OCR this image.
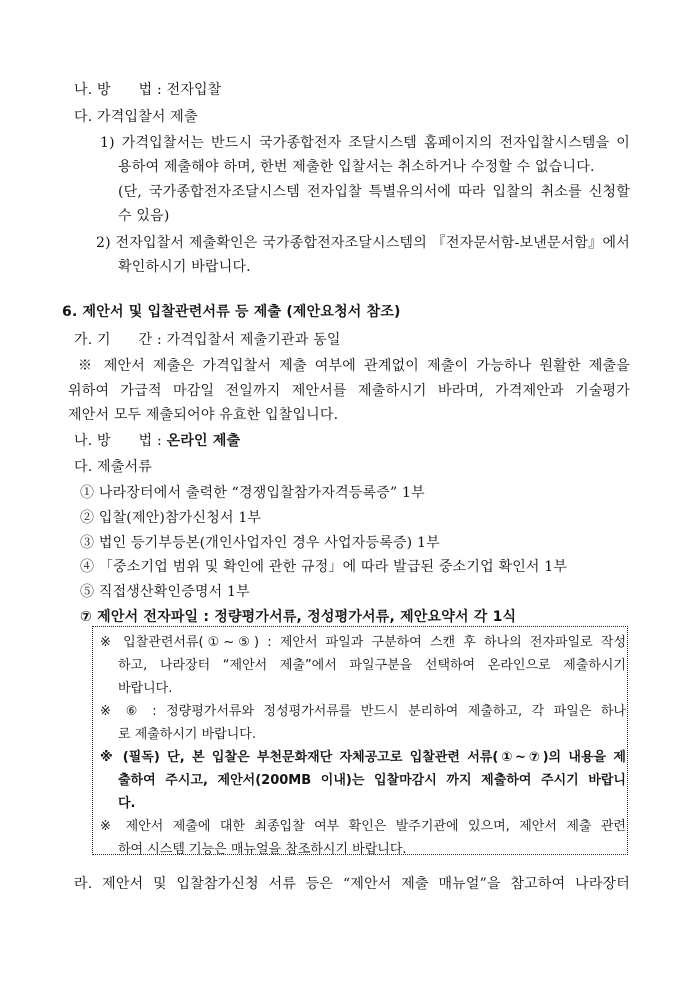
나. 방      법 : 전자입찰
다. 가격입찰서 제출
1) 가격입찰서는 반드시 국가종합전자 조달시스템 홈페이지의 전자입찰시스템을 이
용하여 제출해야 하며, 한번 제출한 입찰서는 취소하거나 수정할 수 없습니다.
(단, 국가종합전자조달시스템 전자입찰 특별유의서에 따라 입찰의 취소를 신청할
수 있음)
2) 전자입찰서 제출확인은 국가종합전자조달시스템의 『전자문서함-보낸문서함』에서
확인하시기 바랍니다.
6. 제안서 및 입찰관련서류 등 제출 (제안요청서 참조)
가. 기      간 : 가격입찰서 제출기관과 동일
※ 제안서 제출은 가격입찰서 제출 여부에 관계없이 제출이 가능하나 원활한 제출을
위하여 가급적 마감일 전일까지 제안서를 제출하시기 바라며, 가격제안과 기술평가
제안서 모두 제출되어야 유효한 입찰입니다.
나. 방      법 : 온라인 제출
다. 제출서류
① 나라장터에서 출력한 “경쟁입찰참가자격등록증” 1부
② 입찰(제안)참가신청서 1부
③ 법인 등기부등본(개인사업자인 경우 사업자등록증) 1부
④ 「중소기업 범위 및 확인에 관한 규정」에 따라 발급된 중소기업 확인서 1부
⑤ 직접생산확인증명서 1부
⑦ 제안서 전자파일 : 정량평가서류, 정성평가서류, 제안요약서 각 1식
※ 입찰관련서류(①~⑤) : 제안서 파일과 구분하여 스캔 후 하나의 전자파일로 작성
하고, 나라장터 “제안서 제출”에서 파일구분을 선택하여 온라인으로 제출하시기
바랍니다.
※ ⑥ : 정량평가서류와 정성평가서류를 반드시 분리하여 제출하고, 각 파일은 하나
로 제출하시기 바랍니다.
※ (필독) 단, 본 입찰은 부천문화재단 자체공고로 입찰관련 서류(①~⑦)의 내용을 제
출하여 주시고, 제안서(200MB 이내)는 입찰마감시 까지 제출하여 주시기 바랍니
다.
※ 제안서 제출에 대한 최종입찰 여부 확인은 발주기관에 있으며, 제안서 제출 관련
하여 시스템 기능은 매뉴얼을 참조하시기 바랍니다.
라. 제안서 및 입찰참가신청 서류 등은 “제안서 제출 매뉴얼”을 참고하여 나라장터
